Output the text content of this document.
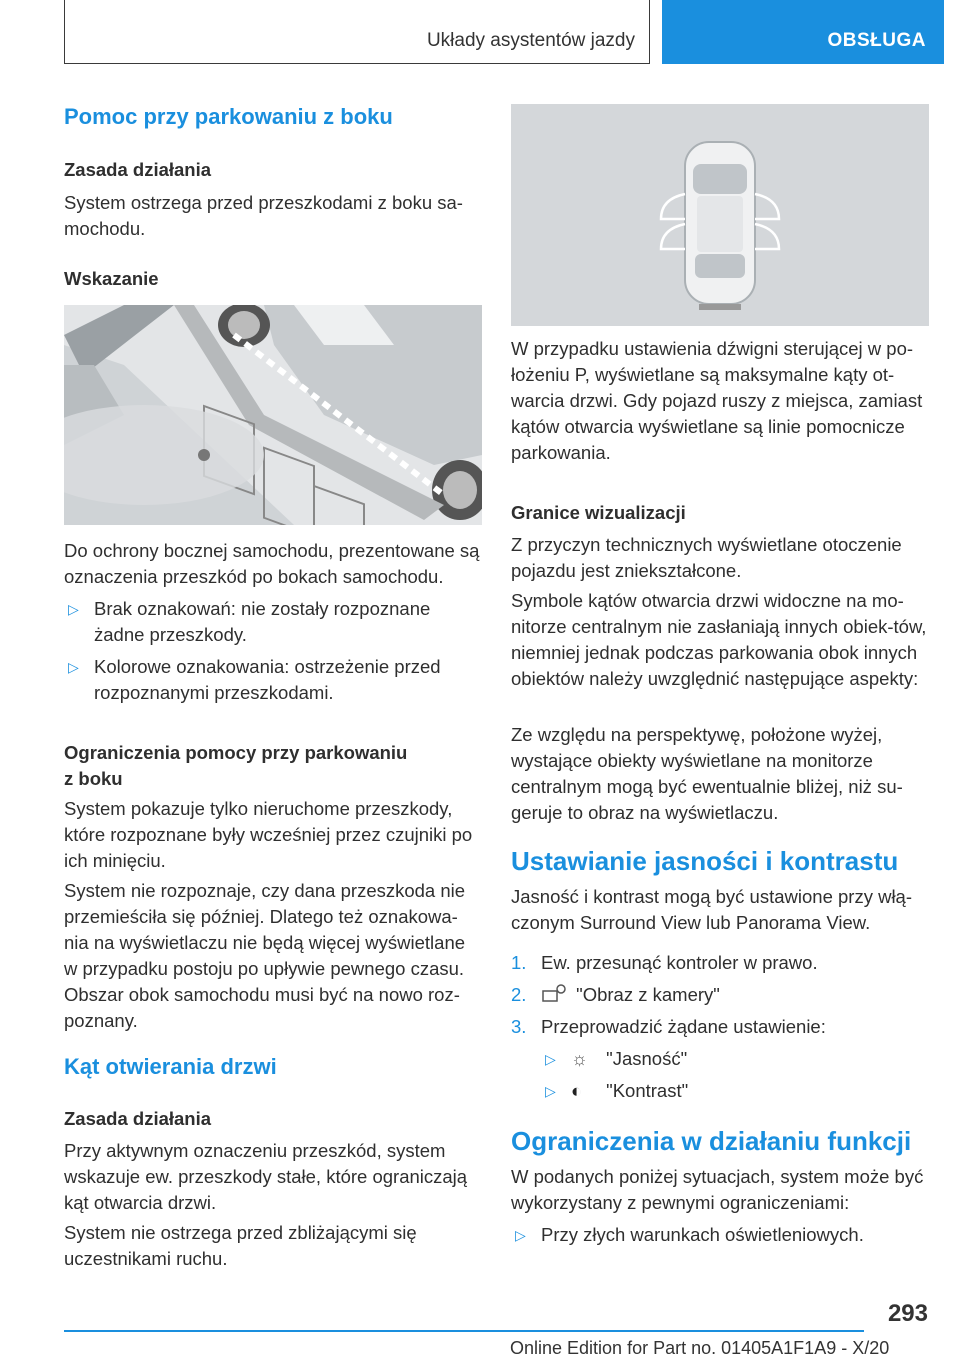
Układy asystentów jazdy	OBSŁUGA
Pomoc przy parkowaniu z boku
Zasada działania
System ostrzega przed przeszkodami z boku sa-mochodu.
Wskazanie
Do ochrony bocznej samochodu, prezentowane są oznaczenia przeszkód po bokach samochodu.
▷ Brak oznakowań: nie zostały rozpoznane żadne przeszkody.
▷ Kolorowe oznakowania: ostrzeżenie przed rozpoznanymi przeszkodami.
Ograniczenia pomocy przy parkowaniu
z boku
System pokazuje tylko nieruchome przeszkody, które rozpoznane były wcześniej przez czujniki po ich minięciu.
System nie rozpoznaje, czy dana przeszkoda nie przemieściła się później. Dlatego też oznakowa-nia na wyświetlaczu nie będą więcej wyświetlane w przypadku postoju po upływie pewnego czasu. Obszar obok samochodu musi być na nowo roz-poznany.
Kąt otwierania drzwi
Zasada działania
Przy aktywnym oznaczeniu przeszkód, system wskazuje ew. przeszkody stałe, które ograniczają kąt otwarcia drzwi.
System nie ostrzega przed zbliżającymi się uczestnikami ruchu.
W przypadku ustawienia dźwigni sterującej w po-łożeniu P, wyświetlane są maksymalne kąty ot-warcia drzwi. Gdy pojazd ruszy z miejsca, zamiast kątów otwarcia wyświetlane są linie pomocnicze parkowania.
Granice wizualizacji
Z przyczyn technicznych wyświetlane otoczenie pojazdu jest zniekształcone.
Symbole kątów otwarcia drzwi widoczne na mo-nitorze centralnym nie zasłaniają innych obiek-tów, niemniej jednak podczas parkowania obok innych obiektów należy uwzględnić następujące aspekty:
Ze względu na perspektywę, położone wyżej, wystające obiekty wyświetlane na monitorze centralnym mogą być ewentualnie bliżej, niż su-geruje to obraz na wyświetlaczu.
Ustawianie jasności i kontrastu
Jasność i kontrast mogą być ustawione przy włą-czonym Surround View lub Panorama View.
1. Ew. przesunąć kontroler w prawo.
2.	"Obraz z kamery"
3. Przeprowadzić żądane ustawienie:
▷ ☼ "Jasność"
▷ ◐ "Kontrast"
Ograniczenia w działaniu funkcji
W podanych poniżej sytuacjach, system może być wykorzystany z pewnymi ograniczeniami:
▷ Przy złych warunkach oświetleniowych.
293
Online Edition for Part no. 01405A1F1A9 - X/20
